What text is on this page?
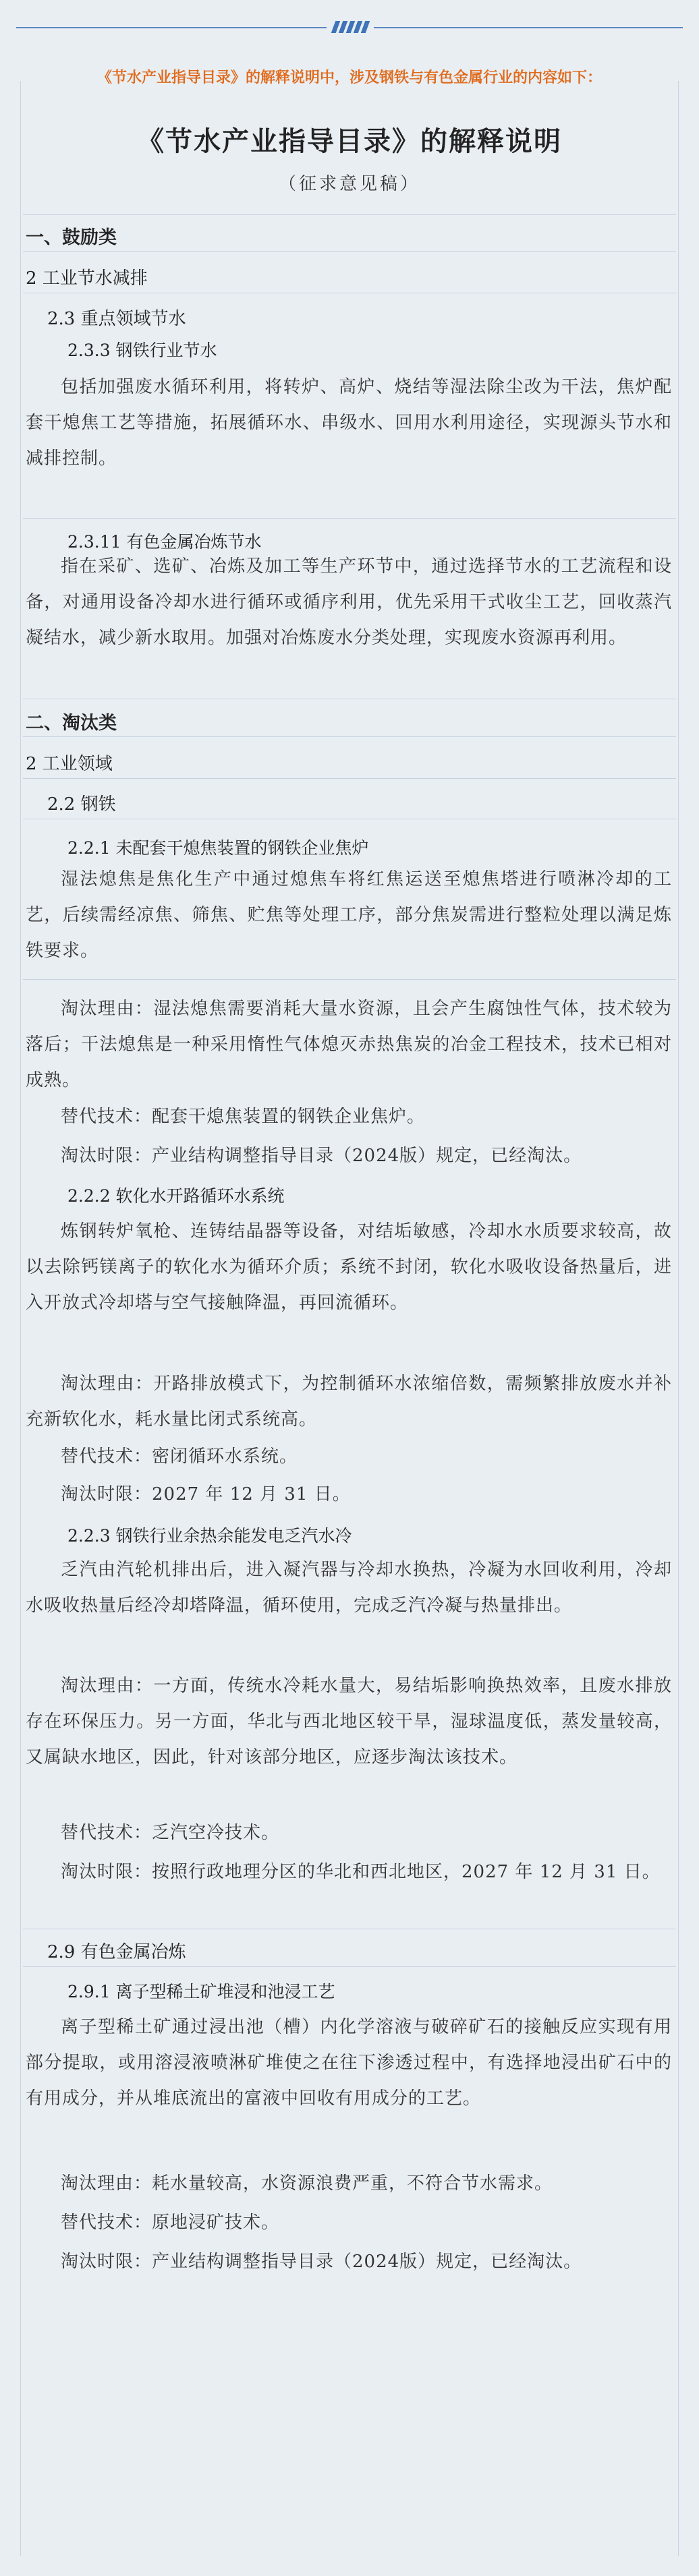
《节水产业指导目录》的解释说明中，涉及钢铁与有色金属行业的内容如下：
《节水产业指导目录》的解释说明
（征求意见稿）
一、鼓励类
2 工业节水减排
2.3 重点领域节水
2.3.3 钢铁行业节水

包括加强废水循环利用，将转炉、高炉、烧结等湿法除尘改为干法，焦炉配套干熄焦工艺等措施，拓展循环水、串级水、回用水利用途径，实现源头节水和减排控制。

2.3.11 有色金属冶炼节水

指在采矿、选矿、冶炼及加工等生产环节中，通过选择节水的工艺流程和设备，对通用设备冷却水进行循环或循序利用，优先采用干式收尘工艺，回收蒸汽凝结水，减少新水取用。加强对冶炼废水分类处理，实现废水资源再利用。

二、淘汰类
2 工业领域
2.2 钢铁
2.2.1 未配套干熄焦装置的钢铁企业焦炉

湿法熄焦是焦化生产中通过熄焦车将红焦运送至熄焦塔进行喷淋冷却的工艺，后续需经凉焦、筛焦、贮焦等处理工序，部分焦炭需进行整粒处理以满足炼铁要求。

淘汰理由：湿法熄焦需要消耗大量水资源，且会产生腐蚀性气体，技术较为落后；干法熄焦是一种采用惰性气体熄灭赤热焦炭的冶金工程技术，技术已相对成熟。

替代技术：配套干熄焦装置的钢铁企业焦炉。

淘汰时限：产业结构调整指导目录（2024版）规定，已经淘汰。

2.2.2 软化水开路循环水系统

炼钢转炉氧枪、连铸结晶器等设备，对结垢敏感，冷却水水质要求较高，故以去除钙镁离子的软化水为循环介质；系统不封闭，软化水吸收设备热量后，进入开放式冷却塔与空气接触降温，再回流循环。

淘汰理由：开路排放模式下，为控制循环水浓缩倍数，需频繁排放废水并补充新软化水，耗水量比闭式系统高。

替代技术：密闭循环水系统。

淘汰时限：2027 年 12 月 31 日。

2.2.3 钢铁行业余热余能发电乏汽水冷

乏汽由汽轮机排出后，进入凝汽器与冷却水换热，冷凝为水回收利用，冷却水吸收热量后经冷却塔降温，循环使用，完成乏汽冷凝与热量排出。

淘汰理由：一方面，传统水冷耗水量大，易结垢影响换热效率，且废水排放存在环保压力。另一方面，华北与西北地区较干旱，湿球温度低，蒸发量较高，又属缺水地区，因此，针对该部分地区，应逐步淘汰该技术。

替代技术：乏汽空冷技术。

淘汰时限：按照行政地理分区的华北和西北地区，2027 年 12 月 31 日。

2.9 有色金属冶炼
2.9.1 离子型稀土矿堆浸和池浸工艺

离子型稀土矿通过浸出池（槽）内化学溶液与破碎矿石的接触反应实现有用部分提取，或用溶浸液喷淋矿堆使之在往下渗透过程中，有选择地浸出矿石中的有用成分，并从堆底流出的富液中回收有用成分的工艺。

淘汰理由：耗水量较高，水资源浪费严重，不符合节水需求。

替代技术：原地浸矿技术。

淘汰时限：产业结构调整指导目录（2024版）规定，已经淘汰。
